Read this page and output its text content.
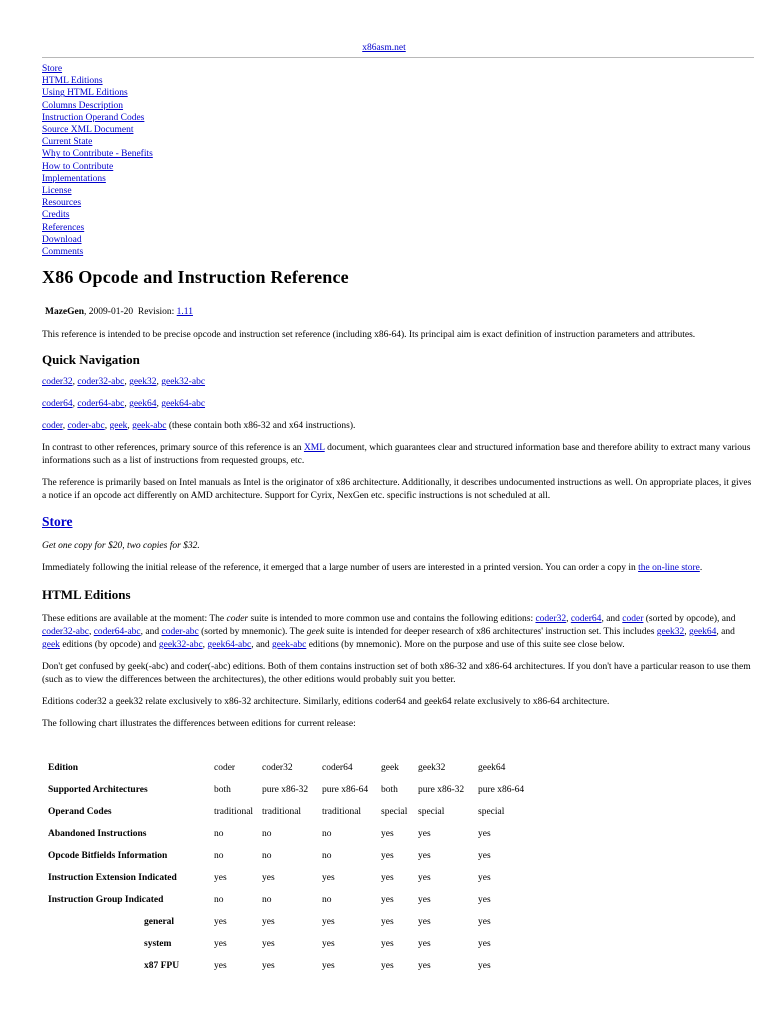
x86asm.net
Store
HTML Editions
Using HTML Editions
Columns Description
Instruction Operand Codes
Source XML Document
Current State
Why to Contribute - Benefits
How to Contribute
Implementations
License
Resources
Credits
References
Download
Comments
X86 Opcode and Instruction Reference
MazeGen, 2009-01-20 Revision: 1.11

This reference is intended to be precise opcode and instruction set reference (including x86-64). Its principal aim is exact definition of instruction parameters and attributes.

Quick Navigation

coder32, coder32-abc, geek32, geek32-abc

coder64, coder64-abc, geek64, geek64-abc

coder, coder-abc, geek, geek-abc (these contain both x86-32 and x64 instructions).

In contrast to other references, primary source of this reference is an XML document, which guarantees clear and structured information base and therefore ability to extract many various informations such as a list of instructions from requested groups, etc.

The reference is primarily based on Intel manuals as Intel is the originator of x86 architecture. Additionally, it describes undocumented instructions as well. On appropriate places, it gives a notice if an opcode act differently on AMD architecture. Support for Cyrix, NexGen etc. specific instructions is not scheduled at all.

Store

Get one copy for $20, two copies for $32.

Immediately following the initial release of the reference, it emerged that a large number of users are interested in a printed version. You can order a copy in the on-line store.

HTML Editions

These editions are available at the moment: The coder suite is intended to more common use and contains the following editions: coder32, coder64, and coder (sorted by opcode), and coder32-abc, coder64-abc, and coder-abc (sorted by mnemonic). The geek suite is intended for deeper research of x86 architectures' instruction set. This includes geek32, geek64, and geek editions (by opcode) and geek32-abc, geek64-abc, and geek-abc editions (by mnemonic). More on the purpose and use of this suite see close below.

Don't get confused by geek(-abc) and coder(-abc) editions. Both of them contains instruction set of both x86-32 and x86-64 architectures. If you don't have a particular reason to use them (such as to view the differences between the architectures), the other editions would probably suit you better.

Editions coder32 a geek32 relate exclusively to x86-32 architecture. Similarly, editions coder64 and geek64 relate exclusively to x86-64 architecture.

The following chart illustrates the differences between editions for current release:

Edition	coder	coder32	coder64	geek	geek32	geek64
Supported Architectures	both	pure x86-32	pure x86-64	both	pure x86-32	pure x86-64
Operand Codes	traditional	traditional	traditional	special	special	special
Abandoned Instructions	no	no	no	yes	yes	yes
Opcode Bitfields Information	no	no	no	yes	yes	yes
Instruction Extension Indicated	yes	yes	yes	yes	yes	yes
Instruction Group Indicated	no	no	no	yes	yes	yes
general	yes	yes	yes	yes	yes	yes
system	yes	yes	yes	yes	yes	yes
x87 FPU	yes	yes	yes	yes	yes	yes
